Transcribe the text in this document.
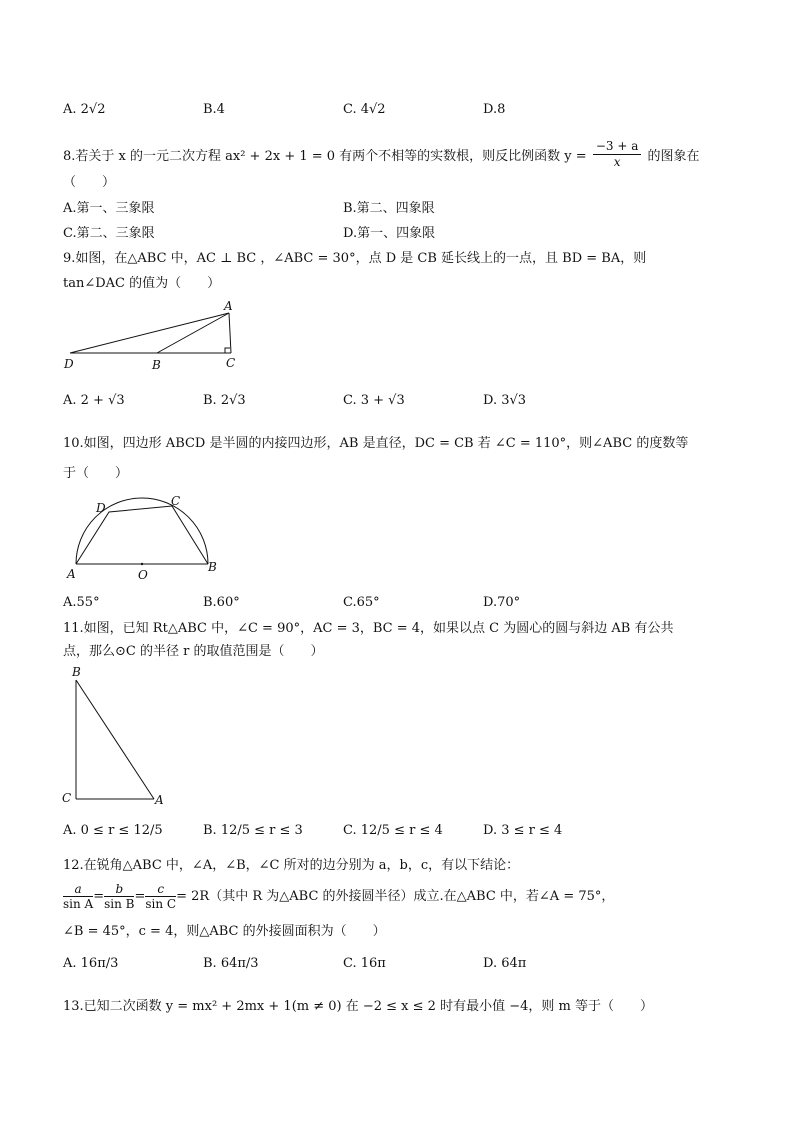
A. 2√2	B.4	C. 4√2	D.8
8.若关于 x 的一元二次方程 ax² + 2x + 1 = 0 有两个不相等的实数根，则反比例函数 $y = \frac{-3 + a}{x}$ 的图象在
（　　）
A.第一、三象限	B.第二、四象限
C.第二、三象限	D.第一、四象限
9.如图，在△ABC 中，AC ⊥ BC ，∠ABC = 30°，点 D 是 CB 延长线上的一点，且 BD = BA，则
tan∠DAC 的值为（　　）
A
B	C
D
A. 2 + √3	B. 2√3	C. 3 + √3	D. 3√3
10.如图，四边形 ABCD 是半圆的内接四边形，AB 是直径，DC = CB 若 ∠C = 110°，则∠ABC 的度数等
于（　　）
A	B
C
D
O
A.55°	B.60°	C.65°	D.70°
11.如图，已知 Rt△ABC 中，∠C = 90°，AC = 3，BC = 4，如果以点 C 为圆心的圆与斜边 AB 有公共
点，那么⊙C 的半径 r 的取值范围是（　　）
B
C	A
A. 0 ≤ r ≤ 12/5	B. 12/5 ≤ r ≤ 3	C. 12/5 ≤ r ≤ 4	D. 3 ≤ r ≤ 4
12.在锐角△ABC 中，∠A，∠B，∠C 所对的边分别为 a，b，c，有以下结论：
$\frac{a}{\text{sin A}} = \frac{b}{\text{sin B}} = \frac{c}{\text{sin C}} = 2R$（其中 R 为△ABC 的外接圆半径）成立.在△ABC 中，若∠A = 75°，
∠B = 45°，c = 4，则△ABC 的外接圆面积为（　　）
A. 16π/3	B. 64π/3	C. 16π	D. 64π
13.已知二次函数 y = mx² + 2mx + 1(m ≠ 0) 在 −2 ≤ x ≤ 2 时有最小值 −4，则 m 等于（　　）
